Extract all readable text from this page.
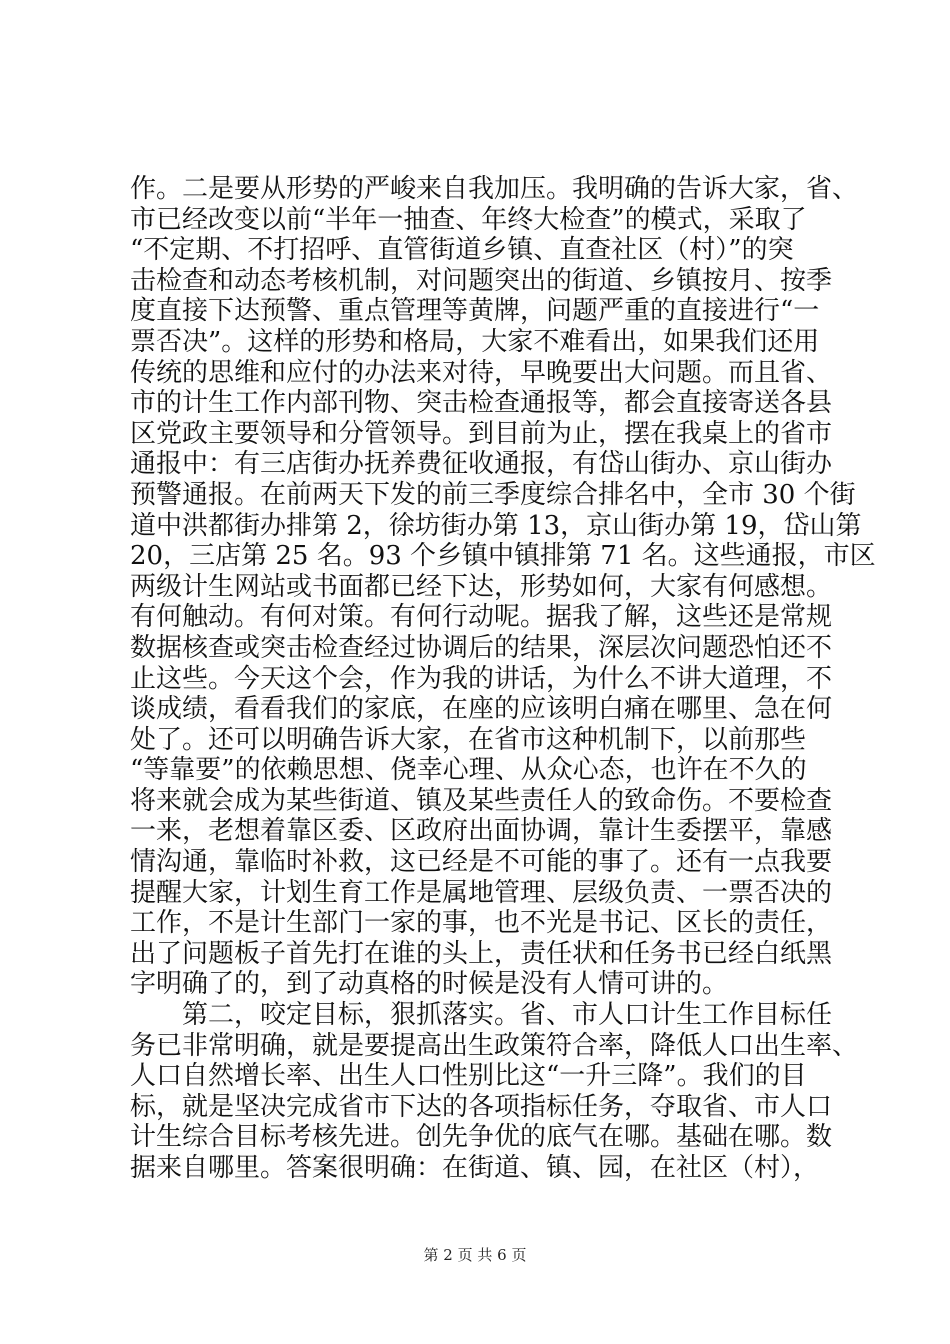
作。二是要从形势的严峻来自我加压。我明确的告诉大家，省、
市已经改变以前“半年一抽查、年终大检查”的模式，采取了
“不定期、不打招呼、直管街道乡镇、直查社区（村）”的突
击检查和动态考核机制，对问题突出的街道、乡镇按月、按季
度直接下达预警、重点管理等黄牌，问题严重的直接进行“一
票否决”。这样的形势和格局，大家不难看出，如果我们还用
传统的思维和应付的办法来对待，早晚要出大问题。而且省、
市的计生工作内部刊物、突击检查通报等，都会直接寄送各县
区党政主要领导和分管领导。到目前为止，摆在我桌上的省市
通报中：有三店街办抚养费征收通报，有岱山街办、京山街办
预警通报。在前两天下发的前三季度综合排名中，全市 30 个街
道中洪都街办排第 2，徐坊街办第 13，京山街办第 19，岱山第
20，三店第 25 名。93 个乡镇中镇排第 71 名。这些通报，市区
两级计生网站或书面都已经下达，形势如何，大家有何感想。
有何触动。有何对策。有何行动呢。据我了解，这些还是常规
数据核查或突击检查经过协调后的结果，深层次问题恐怕还不
止这些。今天这个会，作为我的讲话，为什么不讲大道理，不
谈成绩，看看我们的家底，在座的应该明白痛在哪里、急在何
处了。还可以明确告诉大家，在省市这种机制下，以前那些
“等靠要”的依赖思想、侥幸心理、从众心态，也许在不久的
将来就会成为某些街道、镇及某些责任人的致命伤。不要检查
一来，老想着靠区委、区政府出面协调，靠计生委摆平，靠感
情沟通，靠临时补救，这已经是不可能的事了。还有一点我要
提醒大家，计划生育工作是属地管理、层级负责、一票否决的
工作，不是计生部门一家的事，也不光是书记、区长的责任，
出了问题板子首先打在谁的头上，责任状和任务书已经白纸黑
字明确了的，到了动真格的时候是没有人情可讲的。
　　第二，咬定目标，狠抓落实。省、市人口计生工作目标任
务已非常明确，就是要提高出生政策符合率，降低人口出生率、
人口自然增长率、出生人口性别比这“一升三降”。我们的目
标，就是坚决完成省市下达的各项指标任务，夺取省、市人口
计生综合目标考核先进。创先争优的底气在哪。基础在哪。数
据来自哪里。答案很明确：在街道、镇、园，在社区（村），
第 2 页 共 6 页
